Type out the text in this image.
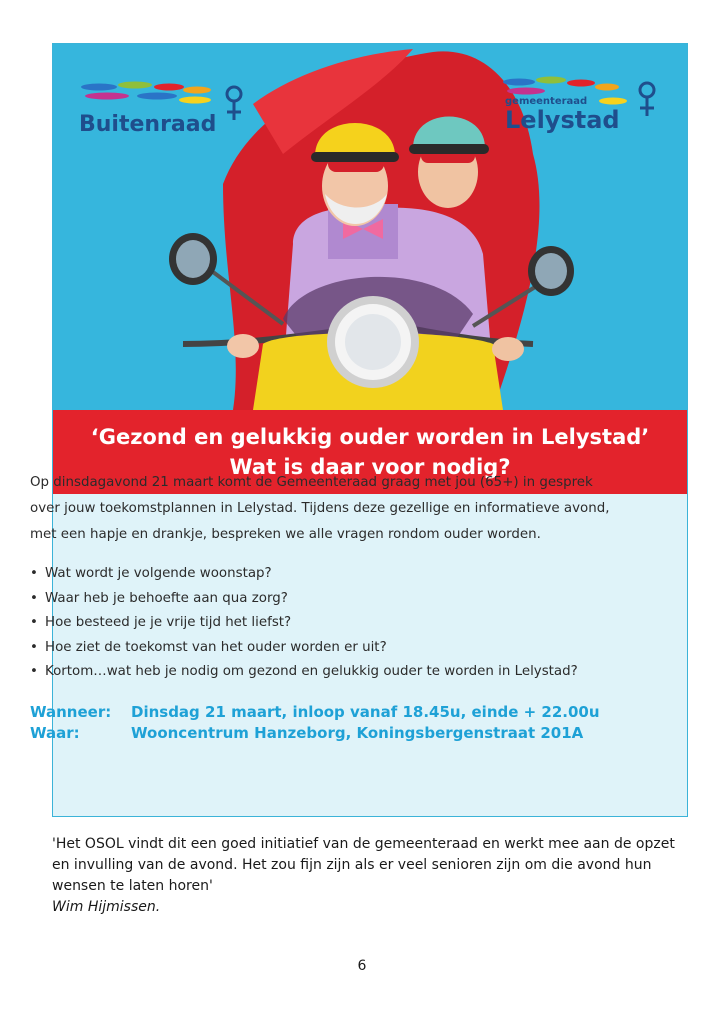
Buitenraad
gemeenteraad
Lelystad
‘Gezond en gelukkig ouder worden in Lelystad’
Wat is daar voor nodig?

Op dinsdagavond 21 maart komt de Gemeenteraad graag met jou (65+) in gesprek over jouw toekomstplannen in Lelystad. Tijdens deze gezellige en informatieve avond, met een hapje en drankje, bespreken we alle vragen rondom ouder worden.

• Wat wordt je volgende woonstap?
• Waar heb je behoefte aan qua zorg?
• Hoe besteed je je vrije tijd het liefst?
• Hoe ziet de toekomst van het ouder worden er uit?
• Kortom…wat heb je nodig om gezond en gelukkig ouder te worden in Lelystad?
Wanneer:	Dinsdag 21 maart, inloop vanaf 18.45u, einde + 22.00u
Waar:	Wooncentrum Hanzeborg, Koningsbergenstraat 201A
'Het OSOL vindt dit een goed initiatief van de gemeenteraad en werkt mee aan de opzet en invulling van de avond. Het zou fijn zijn als er veel senioren zijn om die avond hun wensen te laten horen'
Wim Hijmissen.
6
